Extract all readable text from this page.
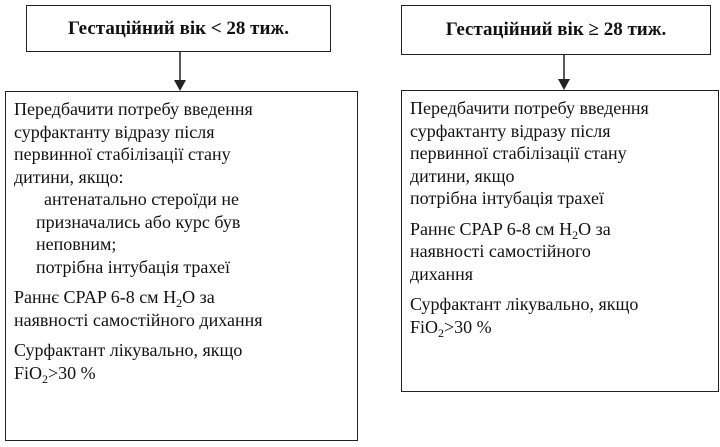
Гестаційний вік < 28 тиж.
Передбачити потребу введення
сурфактанту відразу після
первинної стабілізації стану
дитини, якщо:
антенатально стероїди не
призначались або курс був
неповним;
потрібна інтубація трахеї
Раннє CPAP 6-8 см $H_2O$ за
наявності самостійного дихання
Сурфактант лікувально, якщо
FiO$_2$>30 %
Гестаційний вік ≥ 28 тиж.
Передбачити потребу введення
сурфактанту відразу після
первинної стабілізації стану
дитини, якщо
потрібна інтубація трахеї
Раннє CPAP 6-8 см $H_2O$ за
наявності самостійного
дихання
Сурфактант лікувально, якщо
FiO$_2$>30 %
